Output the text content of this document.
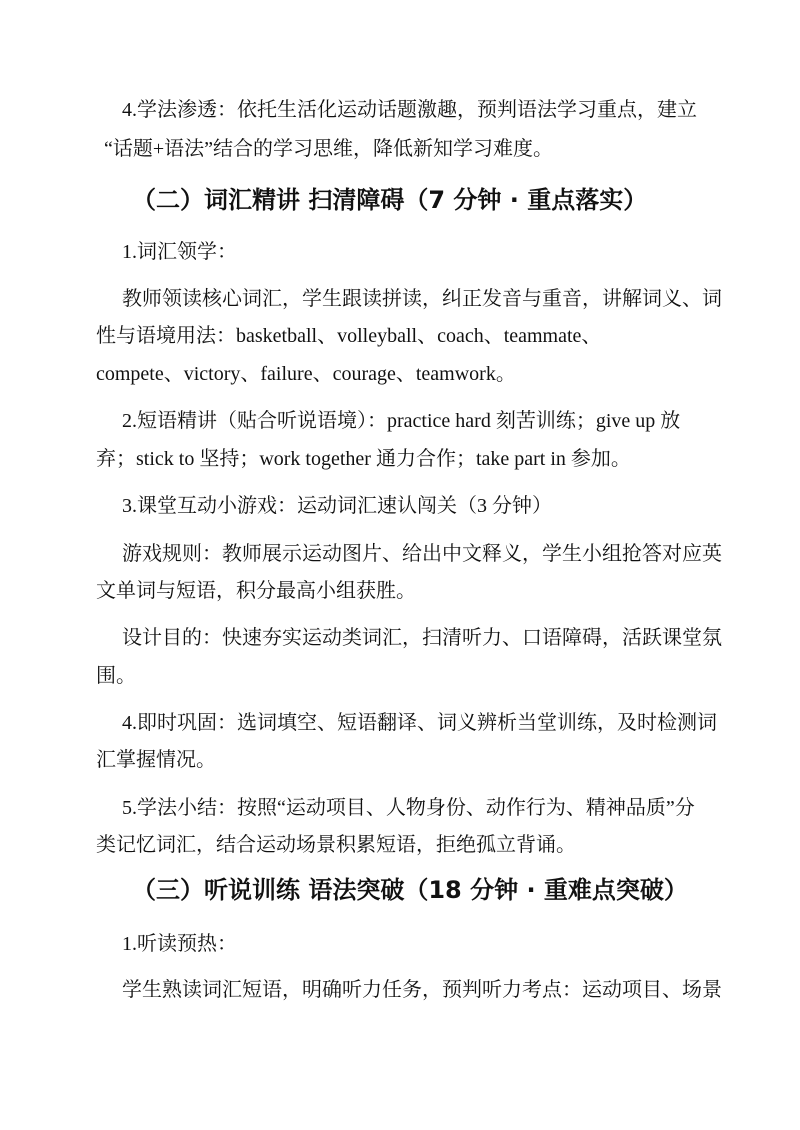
4.学法渗透：依托生活化运动话题激趣，预判语法学习重点，建立
“话题+语法”结合的学习思维，降低新知学习难度。
（二）词汇精讲 扫清障碍（7 分钟 · 重点落实）
1.词汇领学：
教师领读核心词汇，学生跟读拼读，纠正发音与重音，讲解词义、词
性与语境用法：basketball、volleyball、coach、teammate、
compete、victory、failure、courage、teamwork。
2.短语精讲（贴合听说语境）：practice hard 刻苦训练；give up 放
弃；stick to 坚持；work together 通力合作；take part in 参加。
3.课堂互动小游戏：运动词汇速认闯关（3 分钟）
游戏规则：教师展示运动图片、给出中文释义，学生小组抢答对应英
文单词与短语，积分最高小组获胜。
设计目的：快速夯实运动类词汇，扫清听力、口语障碍，活跃课堂氛
围。
4.即时巩固：选词填空、短语翻译、词义辨析当堂训练，及时检测词
汇掌握情况。
5.学法小结：按照“运动项目、人物身份、动作行为、精神品质”分
类记忆词汇，结合运动场景积累短语，拒绝孤立背诵。
（三）听说训练 语法突破（18 分钟 · 重难点突破）
1.听读预热：
学生熟读词汇短语，明确听力任务，预判听力考点：运动项目、场景
